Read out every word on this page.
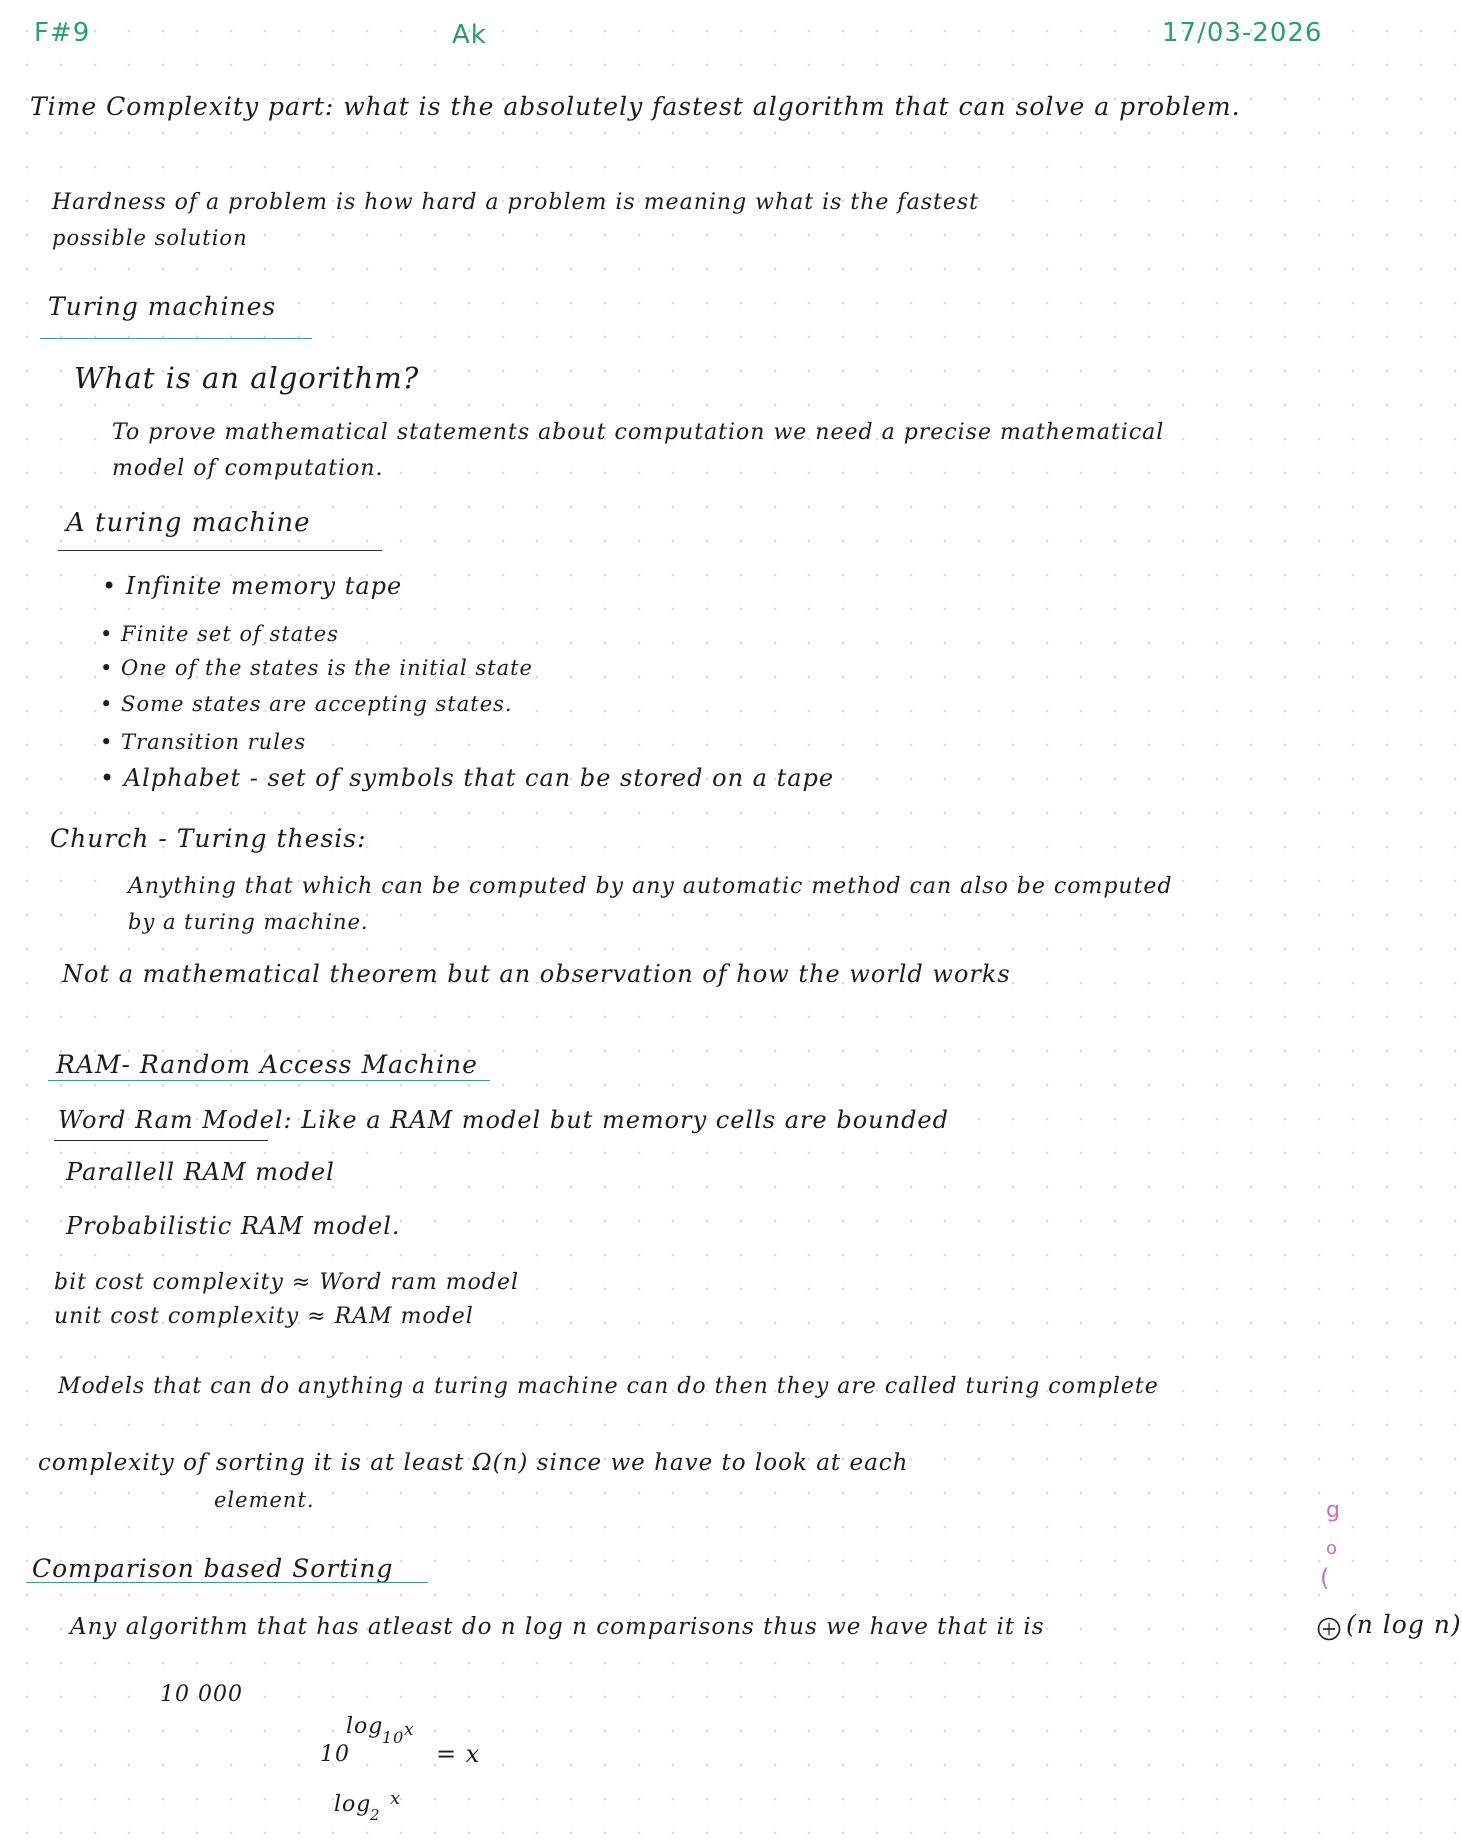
F#9	Ak	17/03-2026
Time Complexity part: what is the absolutely fastest algorithm that can solve a problem.
Hardness of a problem is how hard a problem is meaning what is the fastest
possible solution
Turing machines
What is an algorithm?
To prove mathematical statements about computation we need a precise mathematical
model of computation.
A turing machine
• Infinite memory tape
• Finite set of states
• One of the states is the initial state
• Some states are accepting states.
• Transition rules
• Alphabet - set of symbols that can be stored on a tape
Church - Turing thesis:
Anything that which can be computed by any automatic method can also be computed
by a turing machine.
Not a mathematical theorem but an observation of how the world works
RAM- Random Access Machine
Word Ram Model: Like a RAM model but memory cells are bounded
Parallell RAM model
Probabilistic RAM model.
bit cost complexity ≈ Word ram model
unit cost complexity ≈ RAM model
Models that can do anything a turing machine can do then they are called turing complete
complexity of sorting it is at least Ω(n) since we have to look at each
element.	g
o
(
Comparison based Sorting
Any algorithm that has atleast do n log n comparisons thus we have that it is	(n log n)
10 000
10
log
10 x
= x
log
2
x
